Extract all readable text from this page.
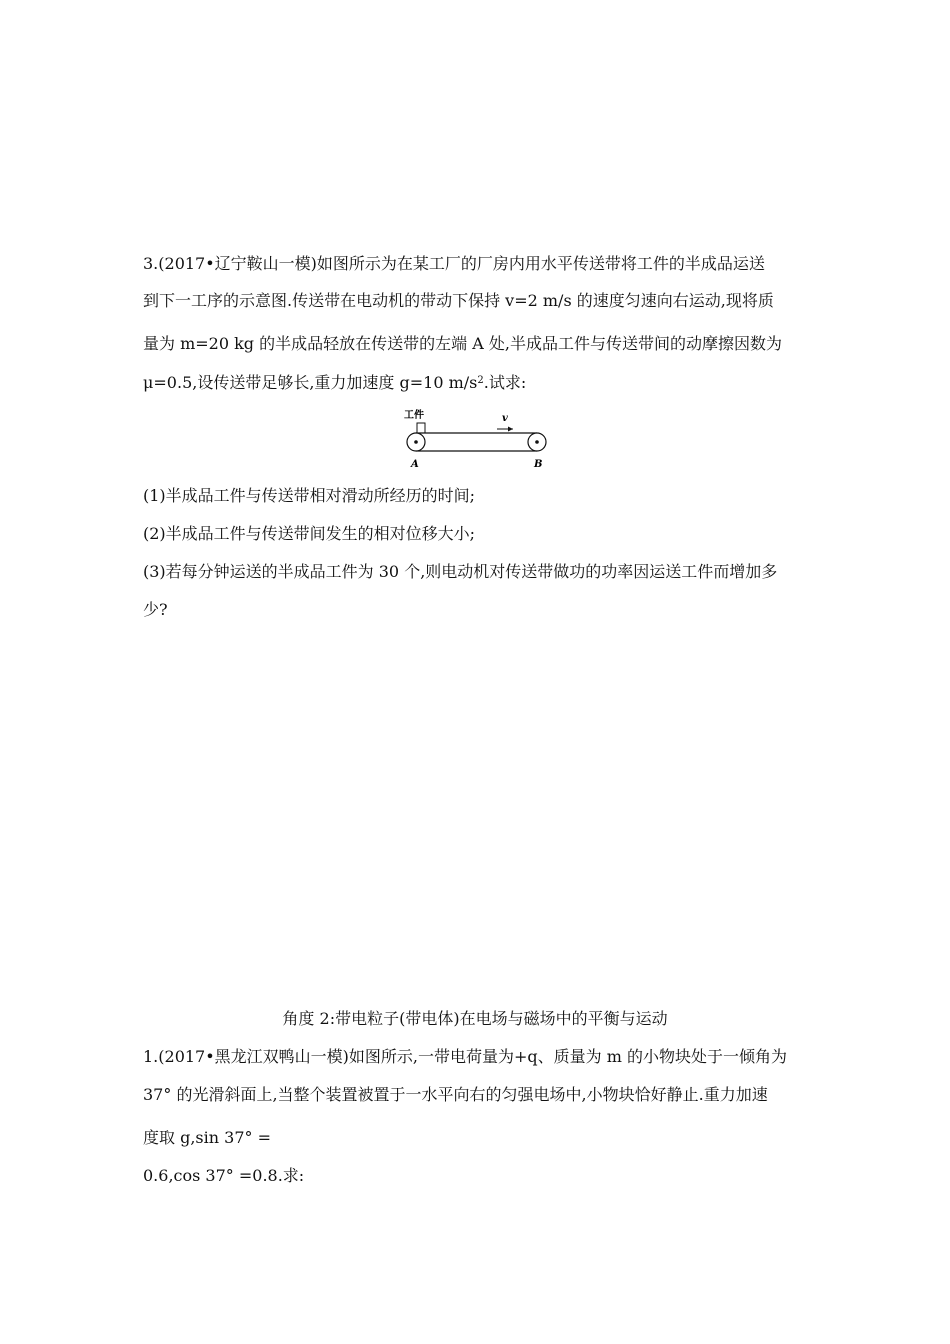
3.(2017•辽宁鞍山一模)如图所示为在某工厂的厂房内用水平传送带将工件的半成品运送
到下一工序的示意图.传送带在电动机的带动下保持 v=2 m/s 的速度匀速向右运动,现将质
量为 m=20 kg 的半成品轻放在传送带的左端 A 处,半成品工件与传送带间的动摩擦因数为
μ=0.5,设传送带足够长,重力加速度 g=10 $m/s^2$.试求:
工件	v
A	B
(1)半成品工件与传送带相对滑动所经历的时间;
(2)半成品工件与传送带间发生的相对位移大小;
(3)若每分钟运送的半成品工件为 30 个,则电动机对传送带做功的功率因运送工件而增加多
少?
角度 2:带电粒子(带电体)在电场与磁场中的平衡与运动
1.(2017•黑龙江双鸭山一模)如图所示,一带电荷量为+q、质量为 m 的小物块处于一倾角为
37° 的光滑斜面上,当整个装置被置于一水平向右的匀强电场中,小物块恰好静止.重力加速
度取 g,sin 37° =
0.6,cos 37° =0.8.求:
